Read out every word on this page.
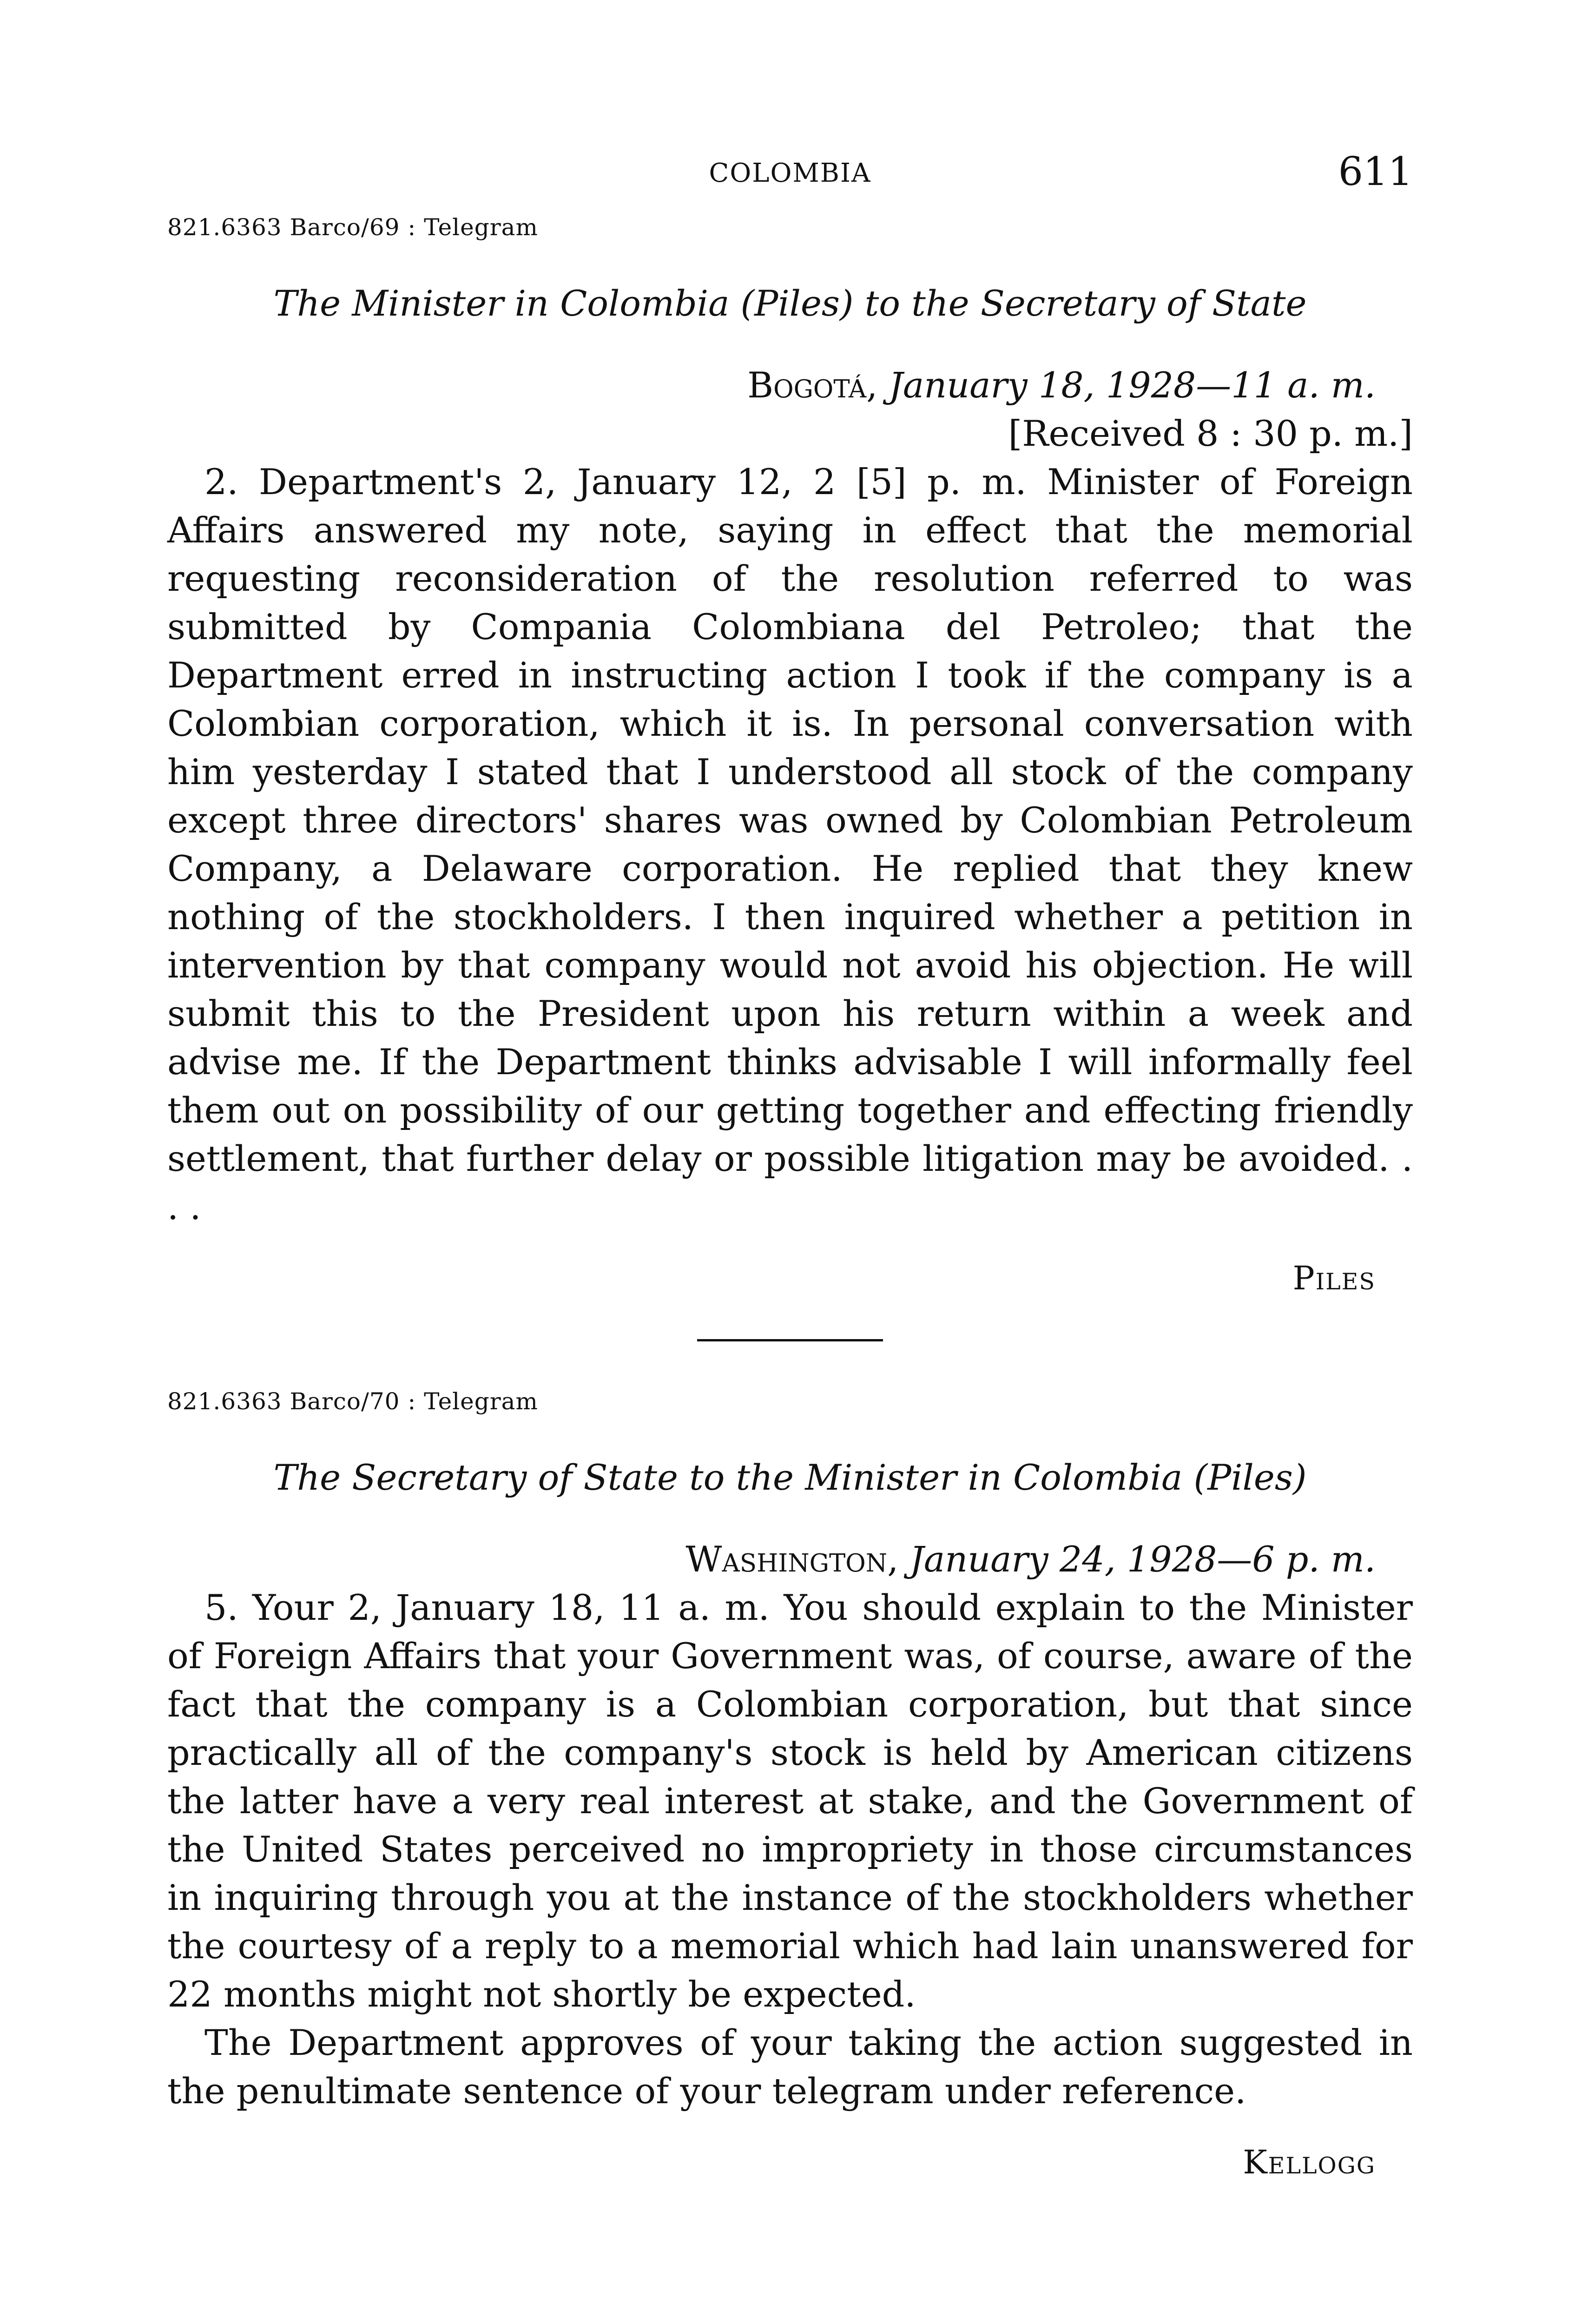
COLOMBIA	611
821.6363 Barco/69 : Telegram
The Minister in Colombia (Piles) to the Secretary of State
Bogotá, January 18, 1928—11 a. m.
[Received 8 : 30 p. m.]

2. Department's 2, January 12, 2 [5] p. m. Minister of Foreign Affairs answered my note, saying in effect that the memorial requesting reconsideration of the resolution referred to was submitted by Compania Colombiana del Petroleo; that the Department erred in instructing action I took if the company is a Colombian corporation, which it is. In personal conversation with him yesterday I stated that I understood all stock of the company except three directors' shares was owned by Colombian Petroleum Company, a Delaware corporation. He replied that they knew nothing of the stockholders. I then inquired whether a petition in intervention by that company would not avoid his objection. He will submit this to the President upon his return within a week and advise me. If the Department thinks advisable I will informally feel them out on possibility of our getting together and effecting friendly settlement, that further delay or possible litigation may be avoided. . . .

Piles
821.6363 Barco/70 : Telegram
The Secretary of State to the Minister in Colombia (Piles)
Washington, January 24, 1928—6 p. m.

5. Your 2, January 18, 11 a. m. You should explain to the Minister of Foreign Affairs that your Government was, of course, aware of the fact that the company is a Colombian corporation, but that since practically all of the company's stock is held by American citizens the latter have a very real interest at stake, and the Government of the United States perceived no impropriety in those circumstances in inquiring through you at the instance of the stockholders whether the courtesy of a reply to a memorial which had lain unanswered for 22 months might not shortly be expected.

The Department approves of your taking the action suggested in the penultimate sentence of your telegram under reference.

Kellogg
